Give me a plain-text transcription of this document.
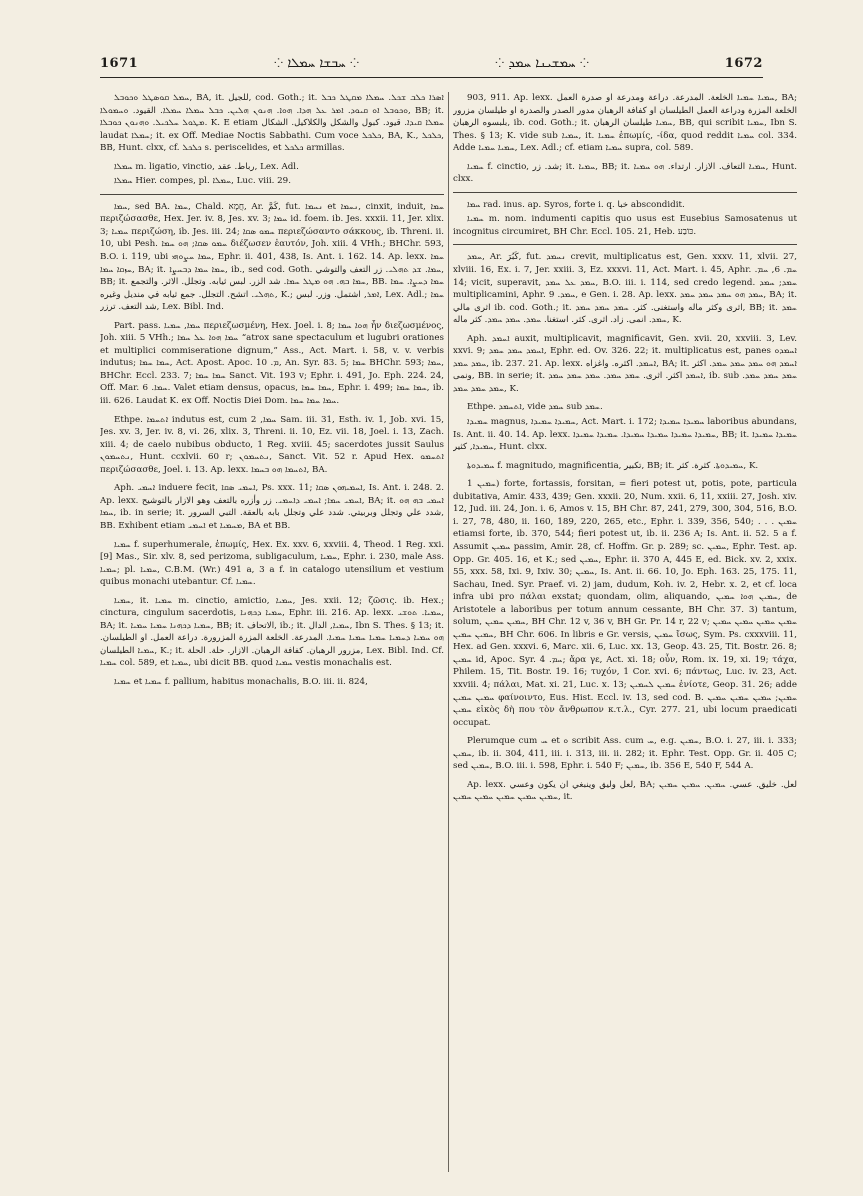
1671	⁘ ܚܒܫܐ ܚܡܠܐ ⁘	⁘ ܚܡܫܝܢܐ ܚܡܕ ⁘	1672

ܚܡܠ ܩܘܣܛܠ ܘܟܘܒܠ, BA, it. للجيل, cod. Goth.; it. ܐܣܪܐ ܟܠܒ ܫܟܠ. ܚܡܠܐ ܡܩܛܠ ܟܒܠ ܘܟܘܒܠ ܐܘ ܩܝܘܕ. ܐܡܪ ܥܠ ܗܕܐ. ܗܘܐ. ܗܢܘܢ ܗܠܝܢ. ܟܒܠ ܚܡܠܐ ܚܡܠܐ. القيود. ܘܚܡܘܠܐ, BB; it. ܡܛܘܠ ܚܠܟܝܠ. ܘܗܢܘܢ ܟܘܒܠܐ. K. E etiam ܚܡܠܐ ܩܝܕܐ. قيود. كبول والشكل والكلاكيل. الشكال laudat ܚܡܠܐ; it. ex Off. Mediae Noctis Sabbathi. Cum voce ܟܠܟܠ, BA, K., ܟܠܟܠ, BB, Hunt. clxx, cf. ܟܠܟܠ s. periscelides, et ܟܠܟܠ armillas.

ܚܡܠܐ m. ligatio, vinctio, رباط. عقد, Lex. Adl.

ܚܡܠܐ Hier. compes, pl. ܚܡܠܐ, Luc. viii. 29.

ܚܡܐ, sed BA. ܚܡܐ, Chald. חֲמָא, Ar. كَمَّ, fut. ܢܚܡܐ et ܢܚܡܐ, cinxit, induit, ܚܡܐ περιζώσασθε, Hex. Jer. iv. 8, Jes. xv. 3; ܚܡܐ id. foem. ib. Jes. xxxii. 11, Jer. xlix. 3; ܚܡܝܐ περιζώση, ib. Jes. iii. 24; ܚܡܘ ܣܩܐ περιεζώσαντο σάκκους, ib. Threni. ii. 10, ubi Pesh. ܚܡܘ ܣܩܐ; ܗܘ ܚܡܐ διέζωσεν ἑαυτόν, Joh. xiii. 4 VHh.; BHChr. 593, B.O. i. 119, ubi ܚܡܐ ܚܨܘܗܝ, Ephr. ii. 401, 438, Is. Ant. i. 162. 14. Ap. lexx. ܚܡܐ ܚܙܩܐ ܚܡܐ, BA; it. ܚܡܐ ܚܡܐ ܕܒܚܨܐ, ib., sed cod. Goth. ܚܡܐ. ܫܕ ܬܗܠܝ. زر التعف والتوشي, BB; it. ܚܡܐ ܒܗ. ܗܘ ܡܛܠ ܚܡܐ. شد الزر. لبس ثيابه. وتجلل. الاثر. والتجمع, BB. ܚܡܐ ܕܚܨܐ. ܚܡܐ ܬܗܠܝ. اتشح. التجلل. جمع ثيابه في منديل وغيره, K.; ܐܡܪ, اشتمل. وزر. لبس, Lex. Adl.; ܚܡܐ شد التعف. ترزر, Lex. Bibl. Ind.

Part. pass. ܚܡܐ, ܚܡܝܐ περιεζωσμένη, Hex. Joel. i. 8; ܗܘܐ ܚܡܐ ἦν διεζωσμένος, Joh. xiii. 5 VHh.; ܚܡܐ ܗܘܐ ܥܠ ܚܡܐ “atrox sane spectaculum et lugubri orationes et multiplici commiseratione dignum,” Ass., Act. Mart. i. 58, v. v. verbis indutus; ܚܡܐ ܚܡܐ, Act. Apost. Apoc. ܡ. 10, An. Syr. 83. 5; ܚܡܐ BHChr. 593; ܚܡܐ, BHChr. Eccl. 233. 7; ܚܡܐ ܚܡܐ Sanct. Vit. 193 v; Ephr. i. 491, Jo. Eph. 224. 24, Off. Mar. ܚܡܐ. 6. Valet etiam densus, opacus, ܚܡܐ ܚܡܐ, Ephr. i. 499; ܚܡܐ ܚܡܐ, ib. iii. 626. Laudat K. ex Off. Noctis Diei Dom. ܚܡܐ ܚܡܐ ܚܡܐ.

Ethpe. ܐܬܚܡܐ indutus est, cum ܚܡܐ, 2 Sam. iii. 31, Esth. iv. 1, Job. xvi. 15, Jes. xv. 3, Jer. iv. 8, vi. 26, xlix. 3, Threni. ii. 10, Ez. vii. 18, Joel. i. 13, Zach. xiii. 4; de caelo nubibus obducto, 1 Reg. xviii. 45; sacerdotes jussit Saulus ܢܬܚܡܘܢ, Hunt. ccxlvii. 60 r; ܢܬܚܡܘܢ, Sanct. Vit. 52 r. Apud Hex. ܐܬܚܡܘ περιζώσασθε, Joel. i. 13. Ap. lexx. ܐܬܚܡܐ ܗܘ ܒܚܡܐ, BA.

Aph. ܐܚܡܝ induere fecit, ܐܚܡܝ ܣܩܐ, Ps. xxx. 11; ܐܚܡܝܗܘܢ ܣܩܐ, Is. Ant. i. 248. 2. Ap. lexx. ܐܚܡܝ ܚܡܐ; ܐܚܡܝ ܕܐܚܡܝ. زر وأزره بالتعف وهو الازار بالتوشيح, BA; it. ܐܚܡܝ ܒܗ ܗܘ ܚܡܐ, ib. in serie; it. شدد علي وتجلل وبربيتي. شدد علي وتجلل بابه بالعقة. التبي السرور, BB. Exhibent etiam ܐܚܡܝ et ܡܚܡܝܐ, BA et BB.

ܚܡܝܐ f. superhumerale, ἐπωμίς, Hex. Ex. xxv. 6, xxviii. 4, Theod. 1 Reg. xxi. [9] Mas., Sir. xlv. 8, sed perizoma, subligaculum, ܚܡܝܐ, Ephr. i. 230, male Ass. ܚܡܝܐ; pl. ܚܡܝܐ, C.B.M. (Wr.) 491 a, 3 a f. in catalogo utensilium et vestium quibus monachi utebantur. Cf. ܚܡܝܐ.

ܚܡܝܐ, it. ܚܡܝܐ m. cinctio, amictio, ܚܡܝܐ, Jes. xxii. 12; ζῶσις. ib. Hex.; cinctura, cingulum sacerdotis, ܚܡܝܐ ܕܟܗܢܐ, Ephr. iii. 216. Ap. lexx. ܚܡܝܐ. ܬܘܫܝ, BA; it. ܚܡܝܐ ܕܟܗܢܐ ܚܡܝܐ ܚܡܝܐ, BB; it. الاتحاف, ib.; it. ܚܡܝܐ, الدال, Ibn S. Thes. § 13; it. ܗܘ ܚܡܝܐ ܕܚܡܝܐ ܚܡܝܐ ܚܡܝܐ ܚܡܝܐ. المدرعة. الخلعة المزرة المزرورة. دراعة العمل. او الطيلسان. ܚܡܝܐ الطيلسان, K.; it. مزرور الرهبان. كفافة الرهبان. الازار. حلة. الحلة, Lex. Bibl. Ind. Cf. ܚܡܝܐ col. 589, et ܚܡܝܐ, ubi dicit BB. quod ܚܡܝܐ vestis monachalis est.

ܚܡܝܐ et ܚܡܝܐ f. pallium, habitus monachalis, B.O. iii. ii. 824,

903, 911. Ap. lexx. ܚܡܝܐ ܚܡܝܐ الخلعة. المدرعة. دراعة ومدرعة او صدرة العمل, BA; الخلعة المزرة ودراعة العمل الطيلسان او كفافة الرهبان مدور الصدر والصدرة او طيلسان مزرور بلبسوه الرهبان, ib. cod. Goth.; it. ܚܡܝܐ طيلسان الرهبان, BB, qui scribit ܚܡܝܐ, Ibn S. Thes. § 13; K. vide sub ܚܡܝܐ, it. ܚܡܝܐ ἐπωμίς, -ίδα, quod reddit ܚܡܝܐ col. 334. Adde ܚܡܝܐ ܚܡܝܐ, Lex. Adl.; cf. etiam ܚܡܝܐ supra, col. 589.

ܚܡܝܐ f. cinctio, شد. زر; it. ܚܡܝܐ, BB; it. ܚܡܝܐ التعاف. الازار. ارتداء. ܗܘ ܚܡܝܐ, Hunt. clxx.

ܚܡܐ rad. inus. ap. Syros, forte i. q. خبا abscondidit.

ܚܡܝܐ m. nom. indumenti capitis quo usus est Eusebius Samosatenus ut incognitus circumiret, BH Chr. Eccl. 105. 21, Heb. כּוֹבַע.

ܚܡܕ, Ar. كَبُرَ, fut. ܢܚܡܕ crevit, multiplicatus est, Gen. xxxv. 11, xlvii. 27, xlviii. 16, Ex. i. 7, Jer. xxiii. 3, Ez. xxxvi. 11, Act. Mart. i. 45, Aphr. ܚܡ. 6, ܚܡ. 14; vicit, superavit, ܚܡܕ ܥܠ ܚܡܕ, B.O. iii. i. 114, sed credo legend. ܚܡܕ; ܚܡܕ multiplicamini, Aphr. ܚܡܕ. 9, e Gen. i. 28. Ap. lexx. ܚܡܕ ܗܘ ܚܡܕ ܚܡܕ ܚܡܕ, BA; it. اثرى مالي ib. cod. Goth.; it. اثرى وكثر ماله واستغنى. كثر. ܚܡܕ ܚܡܕ ܚܡܕ, BB; it. ܚܡܕ ܚܡܕ. انمى. زاد. اثرى. كثر. استغنا. ܚܡܕ. ܚܡܕ ܚܡܕ. كثر ماله, K.

Aph. ܐܚܡܕ auxit, multiplicavit, magnificavit, Gen. xvii. 20, xxviii. 3, Lev. xxvi. 9; ܐܚܡܕ ܚܡܕ ܚܡܕ, Ephr. ed. Ov. 326. 22; it. multiplicatus est, panes ܐܚܡܕܘ ܚܡܕ ܚܡܕ, ib. 237. 21. Ap. lexx. ܐܚܡܕ. اكثره. واغزاه, BA; it. ܐܚܡܕ ܗܘ ܚܡܕ ܚܡܕ ܚܡܕ. اكثر ونمى, BB. in serie; it. ܐܚܡܕ اكثر. اثرى. ܚܡܕ ܚܡܕ. ܚܡܕ ܚܡܕ ܚܡܕ, ib. sub ܚܡܕ ܚܡܕ ܚܡܕ. ܚܡܕ ܚܡܕ ܚܡܕ, K.

Ethpe. ܐܬܚܡܕ, vide ܚܡܕ sub ܚܡܕ.

ܚܡܝܕܐ magnus, ܚܡܝܕܐ ܚܡܝܕܐ, Act. Mart. i. 172; ܚܡܝܕܐ ܚܡܝܕܐ laboribus abundans, Is. Ant. ii. 40. 14. Ap. lexx. ܚܡܝܕܐ ܚܡܝܕܐ ܚܡܝܕܐ ܚܡܝܕܐ. ܚܡܝܕܐ ܚܡܝܕܐ, BB; it. ܚܡܝܕܐ ܚܡܝܕܐ ܚܡܝܕܐ, كثير, Hunt. clxx.

ܚܡܝܕܘܬܐ f. magnitudo, magnificentia, تكبير, BB; it. ܚܡܝܕܘܬܐ. كثرة. كثر, K.

ܚܡܝܢ 1) forte, fortassis, forsitan, = fieri potest ut, potis, pote, particula dubitativa, Amir. 433, 439; Gen. xxxii. 20, Num. xxii. 6, 11, xxiii. 27, Josh. xiv. 12, Jud. iii. 24, Jon. i. 6, Amos v. 15, BH Chr. 87, 241, 279, 300, 304, 516, B.O. i. 27, 78, 480, ii. 160, 189, 220, 265, etc., Ephr. i. 339, 356, 540; . . . ܚܡܝܢ etiamsi forte, ib. 370, 544; fieri potest ut, ib. ii. 236 A; Is. Ant. ii. 52. 5 a f. Assumit ܚܡܝܢ passim, Amir. 28, cf. Hoffm. Gr. p. 289; sc. ܚܡܝܢ, Ephr. Test. ap. Opp. Gr. 405. 16, et K.; sed ܚܡܝܢ, Ephr. ii. 370 A, 445 E, ed. Bick. xv. 2, xxix. 55, xxx. 58, Ixi. 9, Ixiv. 30; ܚܡܝܢ, Is. Ant. ii. 66. 10, Jo. Eph. 163. 25, 175. 11, Sachau, Ined. Syr. Praef. vi. 2) jam, dudum, Koh. iv. 2, Hebr. x. 2, et cf. loca infra ubi pro πάλαι exstat; quondam, olim, aliquando, ܚܡܝܢ ܗܘܐ ܚܡܝܢ, de Aristotele a laboribus per totum annum cessante, BH Chr. 37. 3) tantum, solum, ܚܡܝܢ ܚܡܝܢ, BH Chr. 12 v, 36 v, BH Gr. Pr. 14 r, 22 v; ܚܡܝܢ ܚܡܝܢ ܚܡܝܢ ܚܡܝܢ ܚܡܝܢ ܚܡܝܢ, BH Chr. 606. In libris e Gr. versis, ܚܡܝܢ ἴσως, Sym. Ps. cxxxviii. 11, Hex. ad Gen. xxxvi. 6, Marc. xii. 6, Luc. xx. 13, Geop. 43. 25, Tit. Bostr. 26. 8; ܚܡܝܢ id, Apoc. Syr. ܚܡ. 4; ἄρα γε, Act. xi. 18; οὖν, Rom. ix. 19, xi. 19; τάχα, Philem. 15, Tit. Bostr. 19. 16; τυχόν, 1 Cor. xvi. 6; πάντως, Luc. iv. 23, Act. xxviii. 4; πάλαι, Mat. xi. 21, Luc. x. 13; ܚܡܝܢ ܠܚܡܝܢ ἐνίοτε, Geop. 31. 26; adde ܚܡܝܢ ܚܡܝܢ φαίνοιντο, Eus. Hist. Eccl. iv. 13, sed cod. B. ܚܡܝܢ; ܚܡܝܢ ܚܡܝܢ ܚܡܝܢ ܚܡܝܢ εἰκὸς δὴ που τὸν ἄνθρωπον κ.τ.λ., Cyr. 277. 21, ubi locum praedicati occupat.

Plerumque cum ܚ et ܘ scribit Ass. cum ܚ, e.g. ܚܡܝܢ, B.O. i. 27, iii. i. 333; ܚܡܝܢ, ib. ii. 304, 411, iii. i. 313, iii. ii. 282; it. Ephr. Test. Opp. Gr. ii. 405 C; sed ܚܡܝܢ, B.O. iii. i. 598, Ephr. i. 540 F; ܚܡܝܢ, ib. 356 E, 540 F, 544 A.

Ap. lexx. لعل وليق وينبغي ان يكون وعسي, BA; لعل. خليق. عسي. ܚܡܝܢ. ܚܡܝܢ ܚܡܝܢ ܚܡܝܢ ܚܡܝܢ ܚܡܝܢ ܚܡܝܢ ܚܡܝܢ, it.
